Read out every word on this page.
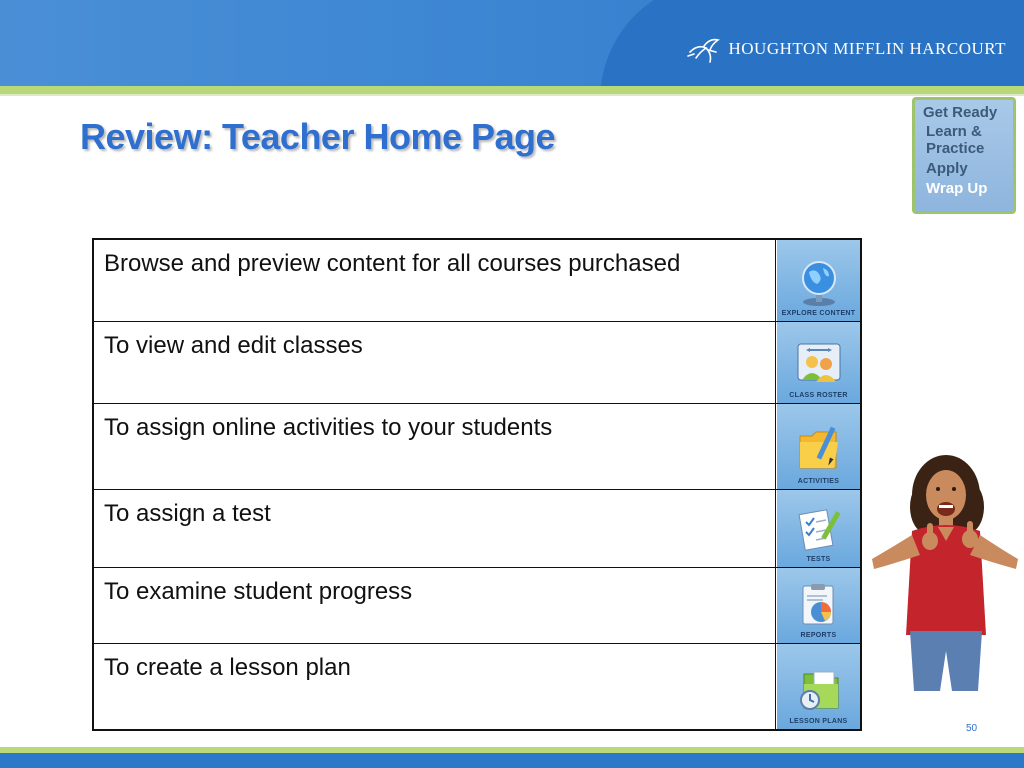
HOUGHTON MIFFLIN HARCOURT
Review: Teacher Home Page
Get Ready
Learn &
Practice
Apply
Wrap Up
Browse and preview content for all courses purchased
EXPLORE CONTENT
To view and edit classes
CLASS ROSTER
To assign online activities to your students
ACTIVITIES
To assign a test
TESTS
To examine student progress
REPORTS
To create a lesson plan
LESSON PLANS
50
